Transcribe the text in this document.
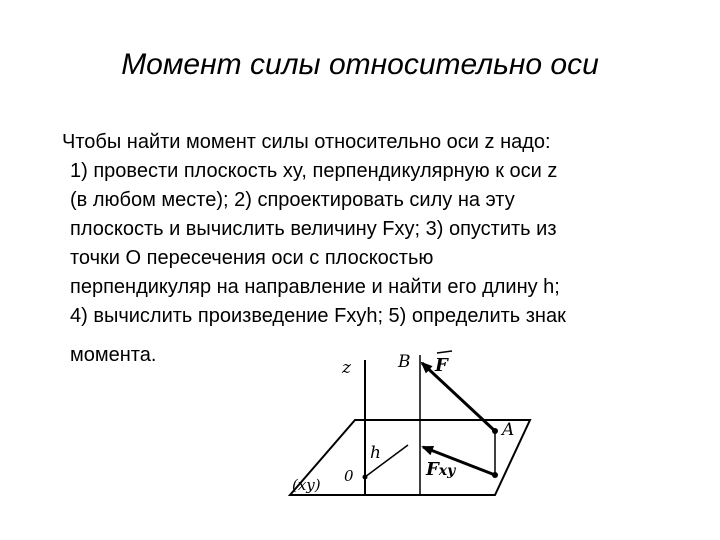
Момент силы относительно оси
Чтобы найти момент силы относительно оси z надо:
1) провести плоскость xy, перпендикулярную к оси z
(в любом месте); 2) спроектировать силу на эту
плоскость и вычислить величину Fxy; 3) опустить из
точки О пересечения оси с плоскостью
перпендикуляр на направление и найти его длину h;
4) вычислить произведение Fxyh; 5) определить знак
момента.
z	B F
A
h
0	Fxy
(xy)
